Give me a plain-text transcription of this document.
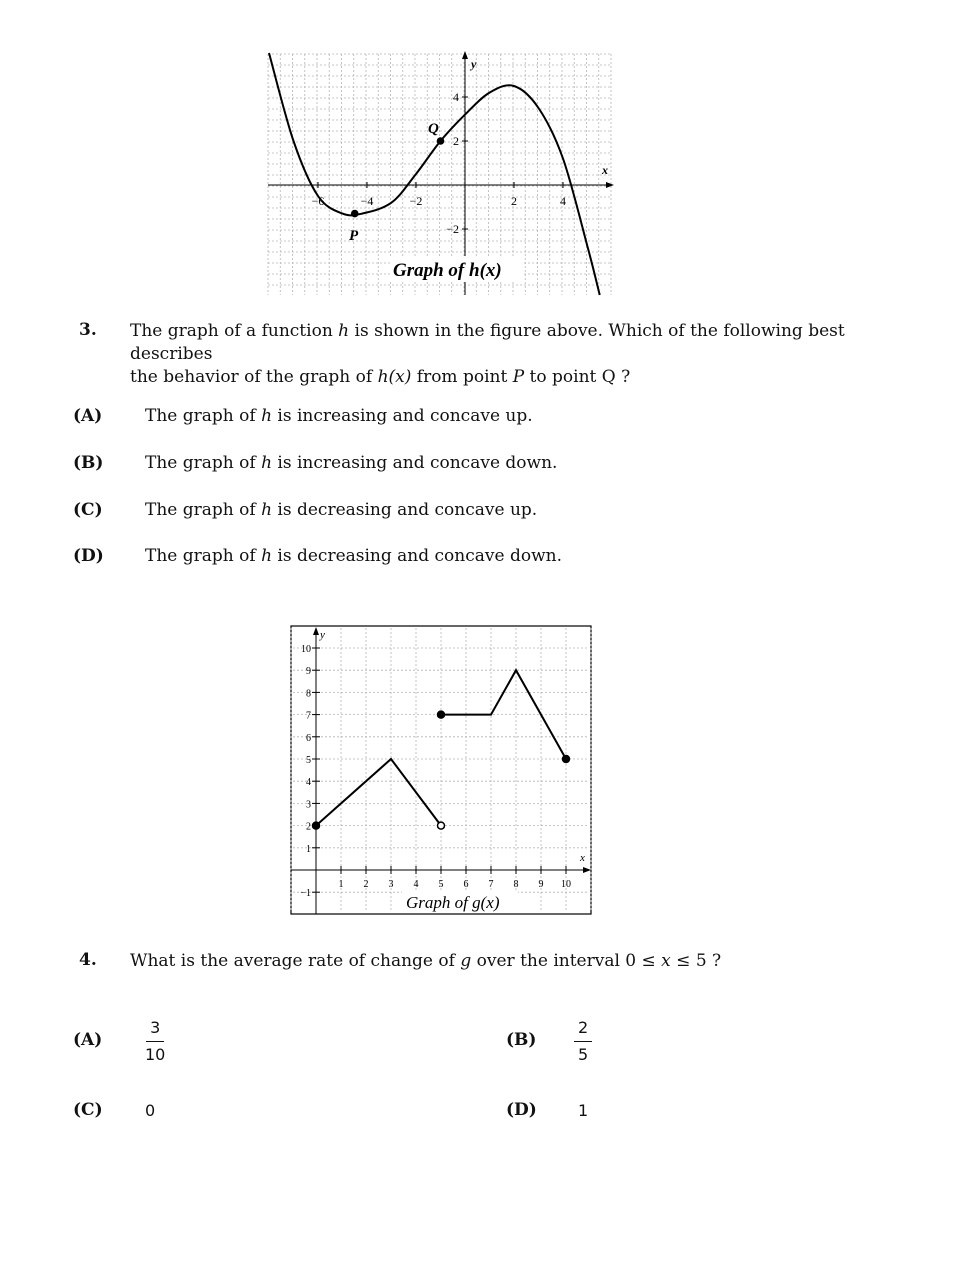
−6	−4	−2	2	4
4
2
−2
P
Q
y
x
Graph of h(x)
3. The graph of a function h is shown in the figure above. Which of the following best describes
the behavior of the graph of h(x) from point P to point Q ?
(A)	The graph of h is increasing and concave up.
(B) The graph of h is increasing and concave down.
(C) The graph of h is decreasing and concave up.
(D) The graph of h is decreasing and concave down.
1 2 3 4 5 6 7 8 9 10
10
9
8
7
6
5
4
3
2
1
−1
y
x
Graph of g(x)
4. What is the average rate of change of g over the interval 0 ≤ x ≤ 5 ?
$(A) \frac{3}{10}$	$(B) \frac{2}{5}$
(C)	0	(D)	1
